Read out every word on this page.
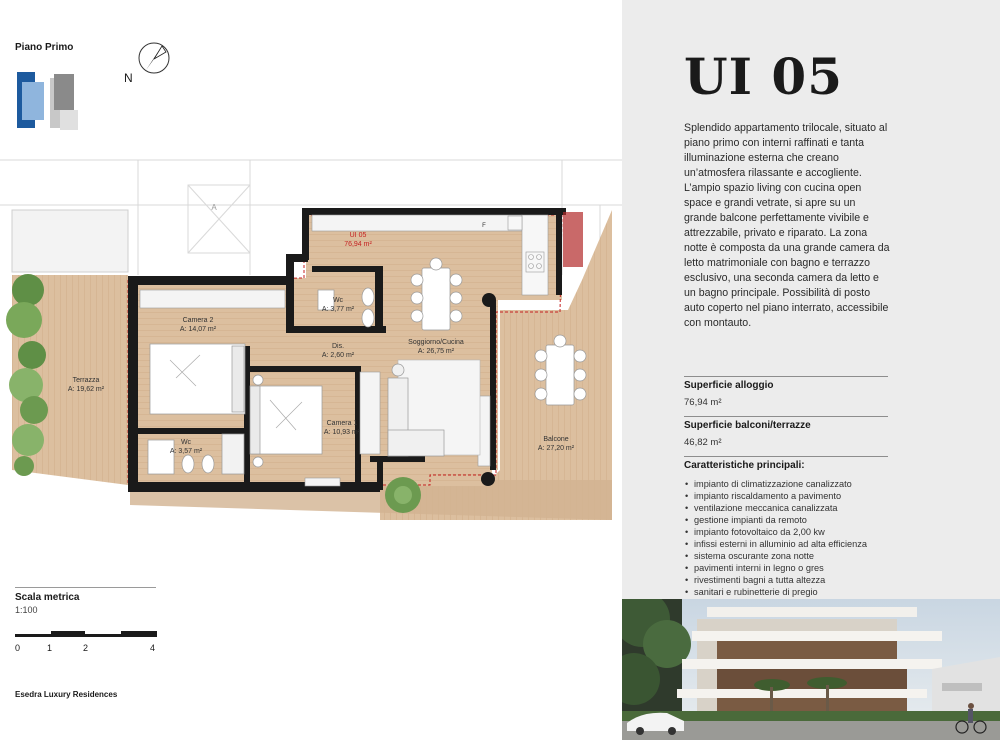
Piano Primo
N
UI 05
76,94 m²
A
F
Camera 2
A: 14,07 m²
Wc
A: 3,77 m²
Dis.
A: 2,60 m²
Soggiorno/Cucina
A: 26,75 m²
Terrazza
A: 19,62 m²
Camera 1
A: 10,93 m²
Wc
A: 3,57 m²
Balcone
A: 27,20 m²
Scala metrica
1:100
0	1	2	4
Esedra Luxury Residences
UI 05
Splendido appartamento trilocale, situato al piano primo con interni raffinati e tanta illuminazione esterna che creano un’atmosfera rilassante e accogliente. L’ampio spazio living con cucina open space e grandi vetrate, si apre su un grande balcone perfettamente vivibile e attrezzabile, privato e riparato. La zona notte è composta da una grande camera da letto matrimoniale con bagno e terrazzo esclusivo, una seconda camera da letto e un bagno principale. Possibilità di posto auto coperto nel piano interrato, accessibile con montauto.
Superficie alloggio
76,94 m²
Superficie balconi/terrazze
46,82 m²
Caratteristiche principali:
• impianto di climatizzazione canalizzato
• impianto riscaldamento a pavimento
• ventilazione meccanica canalizzata
• gestione impianti da remoto
• impianto fotovoltaico da 2,00 kw
• infissi esterni in alluminio ad alta efficienza
• sistema oscurante zona notte
• pavimenti interni in legno o gres
• rivestimenti bagni a tutta altezza
• sanitari e rubinetterie di pregio
